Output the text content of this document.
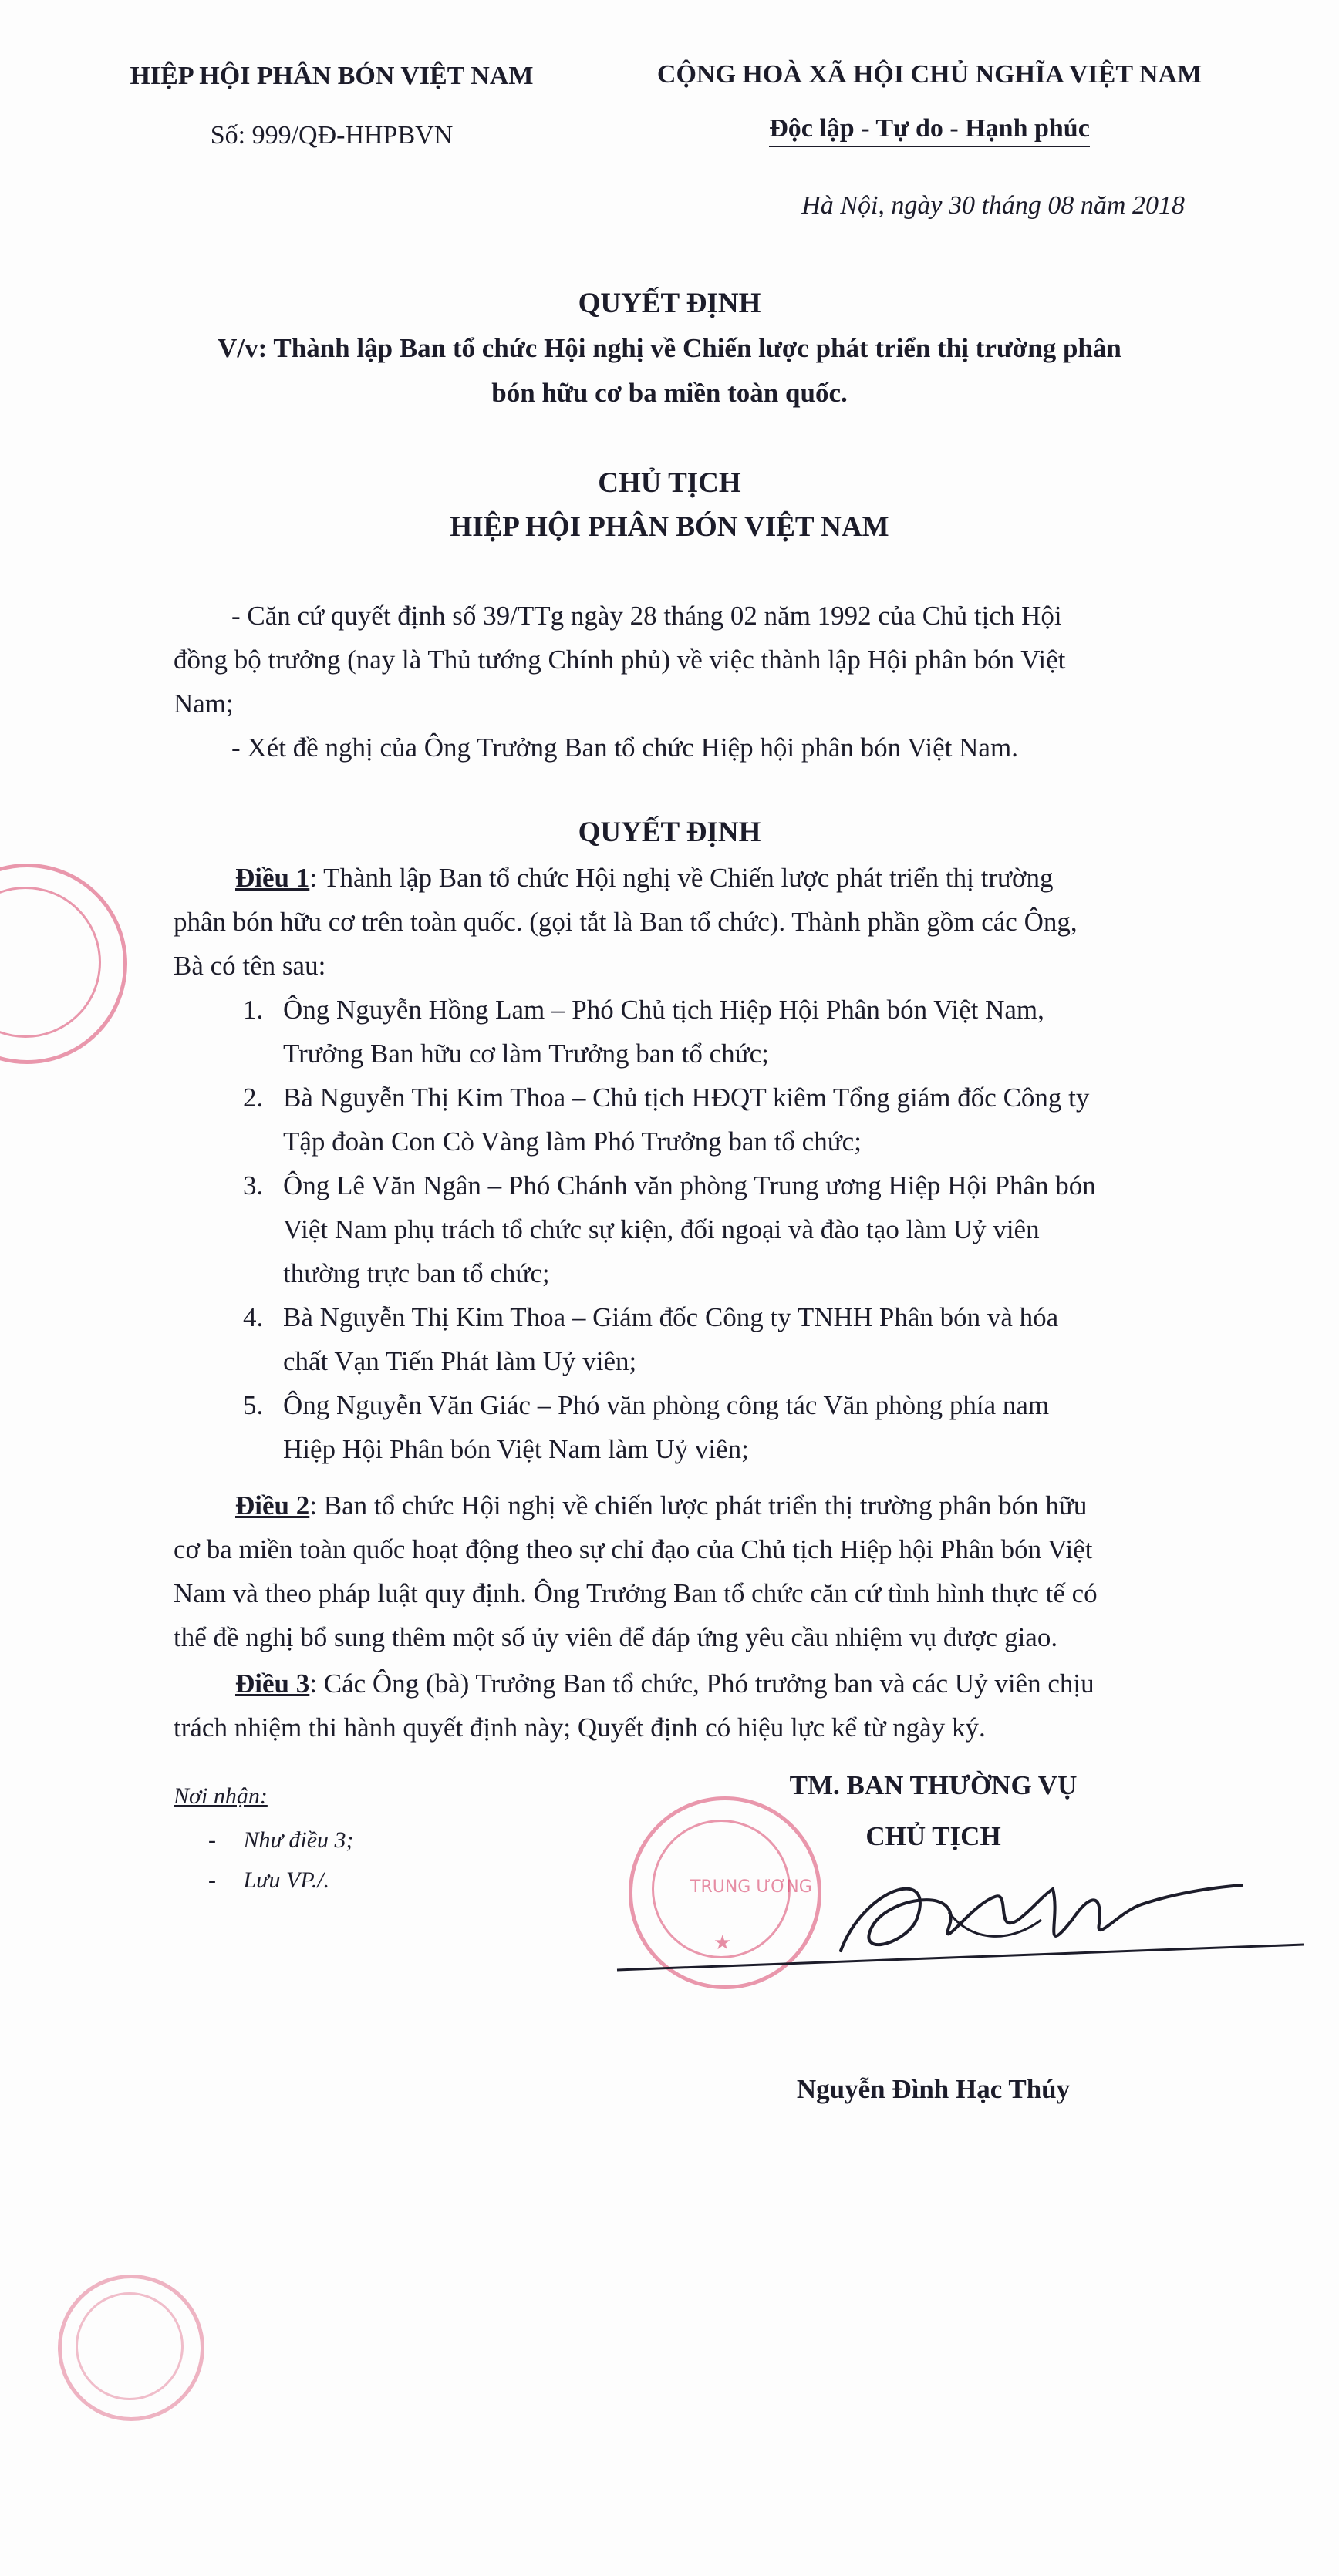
HIỆP HỘI PHÂN BÓN VIỆT NAM
Số: 999/QĐ-HHPBVN
CỘNG HOÀ XÃ HỘI CHỦ NGHĨA VIỆT NAM
Độc lập - Tự do - Hạnh phúc
Hà Nội, ngày 30 tháng 08 năm 2018
QUYẾT ĐỊNH
V/v: Thành lập Ban tổ chức Hội nghị về Chiến lược phát triển thị trường phân
bón hữu cơ ba miền toàn quốc.
CHỦ TỊCH
HIỆP HỘI PHÂN BÓN VIỆT NAM
- Căn cứ quyết định số 39/TTg ngày 28 tháng 02 năm 1992 của Chủ tịch Hội
đồng bộ trưởng (nay là Thủ tướng Chính phủ) về việc thành lập Hội phân bón Việt
Nam;
- Xét đề nghị của Ông Trưởng Ban tổ chức Hiệp hội phân bón Việt Nam.
QUYẾT ĐỊNH
Điều 1: Thành lập Ban tổ chức Hội nghị về Chiến lược phát triển thị trường
phân bón hữu cơ trên toàn quốc. (gọi tắt là Ban tổ chức). Thành phần gồm các Ông,
Bà có tên sau:
1. Ông Nguyễn Hồng Lam – Phó Chủ tịch Hiệp Hội Phân bón Việt Nam,
Trưởng Ban hữu cơ làm Trưởng ban tổ chức;
2. Bà Nguyễn Thị Kim Thoa – Chủ tịch HĐQT kiêm Tổng giám đốc Công ty
Tập đoàn Con Cò Vàng làm Phó Trưởng ban tổ chức;
3. Ông Lê Văn Ngân – Phó Chánh văn phòng Trung ương Hiệp Hội Phân bón
Việt Nam phụ trách tổ chức sự kiện, đối ngoại và đào tạo làm Uỷ viên
thường trực ban tổ chức;
4. Bà Nguyễn Thị Kim Thoa – Giám đốc Công ty TNHH Phân bón và hóa
chất Vạn Tiến Phát làm Uỷ viên;
5. Ông Nguyễn Văn Giác – Phó văn phòng công tác Văn phòng phía nam
Hiệp Hội Phân bón Việt Nam làm Uỷ viên;
Điều 2: Ban tổ chức Hội nghị về chiến lược phát triển thị trường phân bón hữu
cơ ba miền toàn quốc hoạt động theo sự chỉ đạo của Chủ tịch Hiệp hội Phân bón Việt
Nam và theo pháp luật quy định. Ông Trưởng Ban tổ chức căn cứ tình hình thực tế có
thể đề nghị bổ sung thêm một số ủy viên để đáp ứng yêu cầu nhiệm vụ được giao.
Điều 3: Các Ông (bà) Trưởng Ban tổ chức, Phó trưởng ban và các Uỷ viên chịu
trách nhiệm thi hành quyết định này; Quyết định có hiệu lực kể từ ngày ký.
Nơi nhận:
- Như điều 3;
- Lưu VP./.
TM. BAN THƯỜNG VỤ
CHỦ TỊCH
TRUNG ƯƠNG
★
Nguyễn Đình Hạc Thúy
